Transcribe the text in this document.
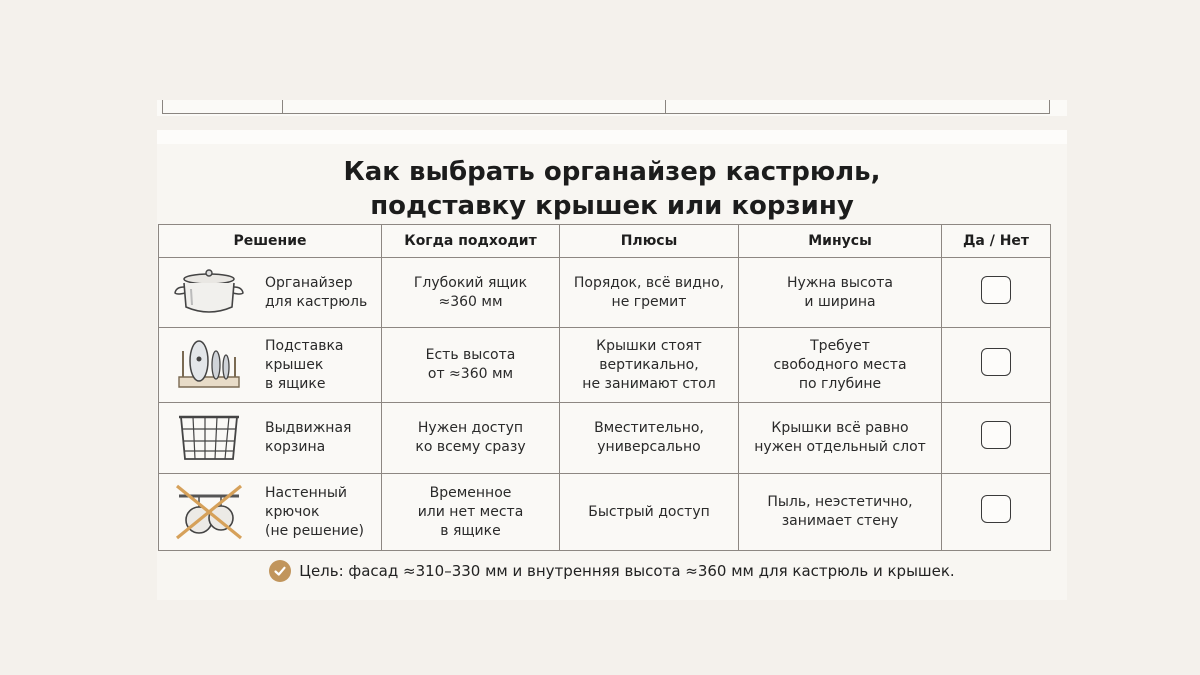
Как выбрать органайзер кастрюль,
подставку крышек или корзину
Решение	Когда подходит	Плюсы	Минусы	Да / Нет

Органайзер
для кастрюль	Глубокий ящик
≈360 мм	Порядок, всё видно,
не гремит	Нужна высота
и ширина	

Подставка
крышек
в ящике	Есть высота
от ≈360 мм	Крышки стоят
вертикально,
не занимают стол	Требует
свободного места
по глубине	

Выдвижная
корзина	Нужен доступ
ко всему сразу	Вместительно,
универсально	Крышки всё равно
нужен отдельный слот	

Настенный
крючок
(не решение)	Временное
или нет места
в ящике	Быстрый доступ	Пыль, неэстетично,
занимает стену	

Цель: фасад ≈310–330 мм и внутренняя высота ≈360 мм для кастрюль и крышек.
